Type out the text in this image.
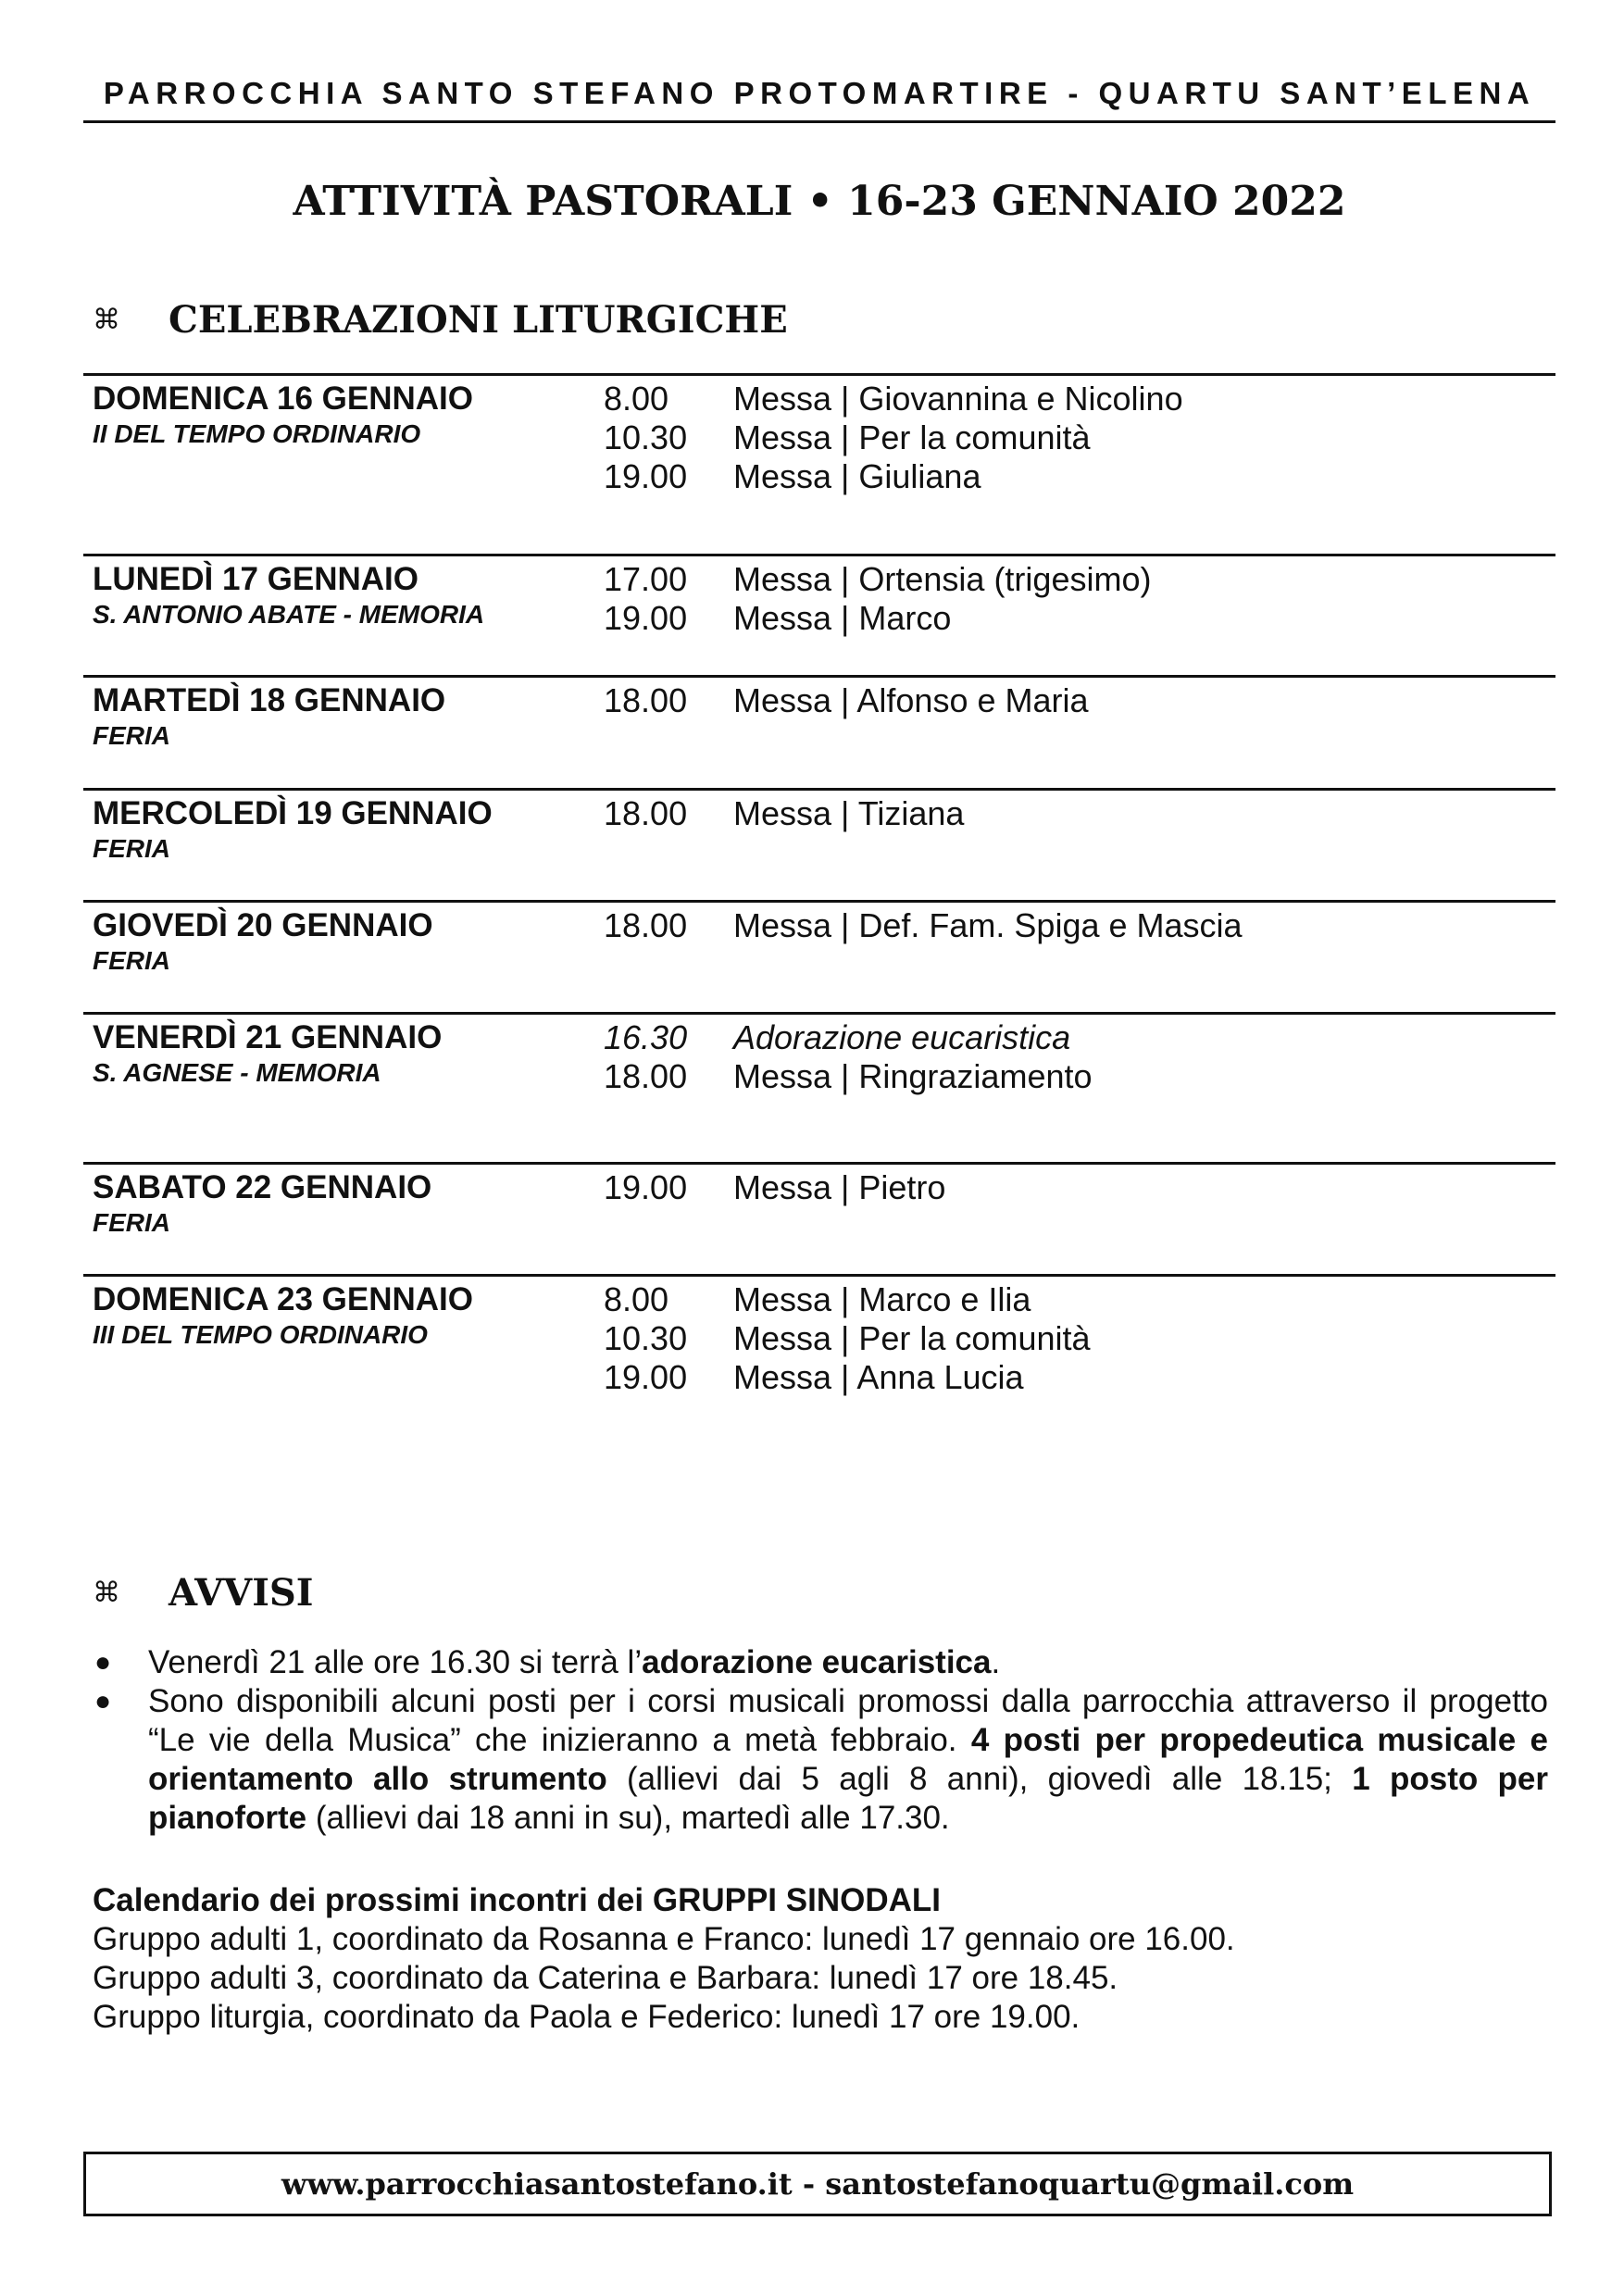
PARROCCHIA SANTO STEFANO PROTOMARTIRE - QUARTU SANT’ELENA
ATTIVITÀ PASTORALI • 16-23 GENNAIO 2022
⌘	CELEBRAZIONI LITURGICHE
DOMENICA 16 GENNAIO
II DEL TEMPO ORDINARIO
8.00 Messa | Giovannina e Nicolino
10.30 Messa | Per la comunità
19.00 Messa | Giuliana
LUNEDÌ 17 GENNAIO
S. ANTONIO ABATE - MEMORIA
17.00 Messa | Ortensia (trigesimo)
19.00 Messa | Marco
MARTEDÌ 18 GENNAIO
FERIA
18.00 Messa | Alfonso e Maria
MERCOLEDÌ 19 GENNAIO
FERIA
18.00 Messa | Tiziana
GIOVEDÌ 20 GENNAIO
FERIA
18.00 Messa | Def. Fam. Spiga e Mascia
VENERDÌ 21 GENNAIO
S. AGNESE - MEMORIA
16.30 Adorazione eucaristica
18.00 Messa | Ringraziamento
SABATO 22 GENNAIO
FERIA
19.00 Messa | Pietro
DOMENICA 23 GENNAIO
III DEL TEMPO ORDINARIO
8.00 Messa | Marco e Ilia
10.30 Messa | Per la comunità
19.00 Messa | Anna Lucia
⌘	AVVISI
● Venerdì 21 alle ore 16.30 si terrà l’adorazione eucaristica.
● Sono disponibili alcuni posti per i corsi musicali promossi dalla parrocchia attraverso il progetto “Le vie della Musica” che inizieranno a metà febbraio. 4 posti per propedeutica musicale e orientamento allo strumento (allievi dai 5 agli 8 anni), giovedì alle 18.15; 1 posto per pianoforte (allievi dai 18 anni in su), martedì alle 17.30.
Calendario dei prossimi incontri dei GRUPPI SINODALI
Gruppo adulti 1, coordinato da Rosanna e Franco: lunedì 17 gennaio ore 16.00.
Gruppo adulti 3, coordinato da Caterina e Barbara: lunedì 17 ore 18.45.
Gruppo liturgia, coordinato da Paola e Federico: lunedì 17 ore 19.00.
www.parrocchiasantostefano.it - santostefanoquartu@gmail.com
